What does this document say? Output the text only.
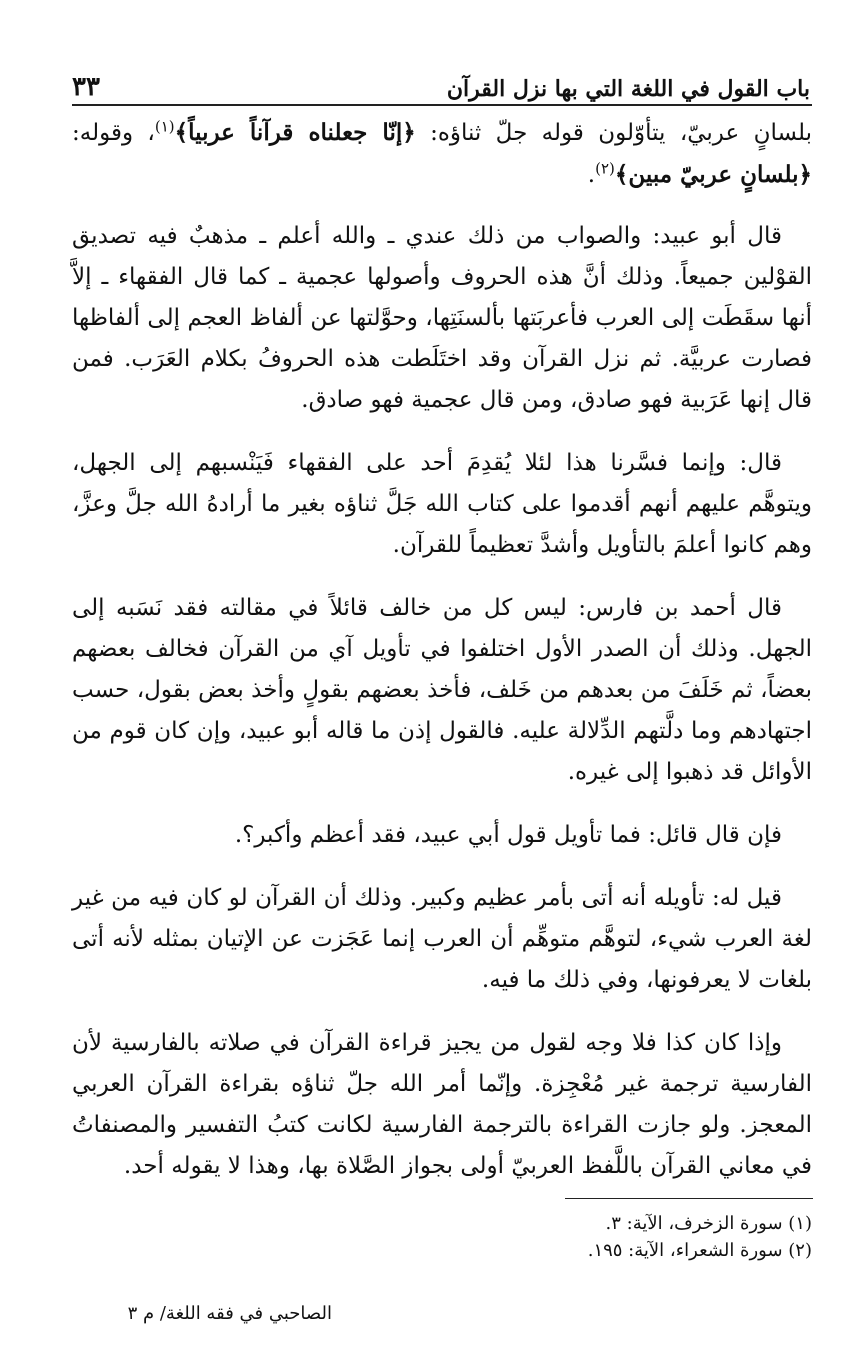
باب القول في اللغة التي بها نزل القرآن
٣٣

بلسانٍ عربيّ، يتأوّلون قوله جلّ ثناؤه: ﴿إنّا جعلناه قرآناً عربياً﴾$^{(١)}$، وقوله: ﴿بلسانٍ عربيّ مبين﴾$^{(٢)}$.

قال أبو عبيد: والصواب من ذلك عندي ـ والله أعلم ـ مذهبٌ فيه تصديق القوْلين جميعاً. وذلك أنَّ هذه الحروف وأصولها عجمية ـ كما قال الفقهاء ـ إلاَّ أنها سقَطَت إلى العرب فأعربَتها بألسنَتِها، وحوَّلتها عن ألفاظ العجم إلى ألفاظها فصارت عربيَّة. ثم نزل القرآن وقد اختَلَطت هذه الحروفُ بكلام العَرَب. فمن قال إنها عَرَبية فهو صادق، ومن قال عجمية فهو صادق.

قال: وإنما فسَّرنا هذا لئلا يُقدِمَ أحد على الفقهاء فَيَنْسبهم إلى الجهل، ويتوهَّم عليهم أنهم أقدموا على كتاب الله جَلَّ ثناؤه بغير ما أرادهُ الله جلَّ وعزَّ، وهم كانوا أعلمَ بالتأويل وأشدَّ تعظيماً للقرآن.

قال أحمد بن فارس: ليس كل من خالف قائلاً في مقالته فقد نَسَبه إلى الجهل. وذلك أن الصدر الأول اختلفوا في تأويل آي من القرآن فخالف بعضهم بعضاً، ثم خَلَفَ من بعدهم من خَلف، فأخذ بعضهم بقولٍ وأخذ بعض بقول، حسب اجتهادهم وما دلَّتهم الدِّلالة عليه. فالقول إذن ما قاله أبو عبيد، وإن كان قوم من الأوائل قد ذهبوا إلى غيره.

فإن قال قائل: فما تأويل قول أبي عبيد، فقد أعظم وأكبر؟.

قيل له: تأويله أنه أتى بأمر عظيم وكبير. وذلك أن القرآن لو كان فيه من غير لغة العرب شيء، لتوهَّم متوهِّم أن العرب إنما عَجَزت عن الإتيان بمثله لأنه أتى بلغات لا يعرفونها، وفي ذلك ما فيه.

وإذا كان كذا فلا وجه لقول من يجيز قراءة القرآن في صلاته بالفارسية لأن الفارسية ترجمة غير مُعْجِزة. وإنّما أمر الله جلّ ثناؤه بقراءة القرآن العربي المعجز. ولو جازت القراءة بالترجمة الفارسية لكانت كتبُ التفسير والمصنفاتُ في معاني القرآن باللَّفظ العربيّ أولى بجواز الصَّلاة بها، وهذا لا يقوله أحد.

(١) سورة الزخرف، الآية: ٣.

(٢) سورة الشعراء، الآية: ١٩٥.

الصاحبي في فقه اللغة/ م ٣
